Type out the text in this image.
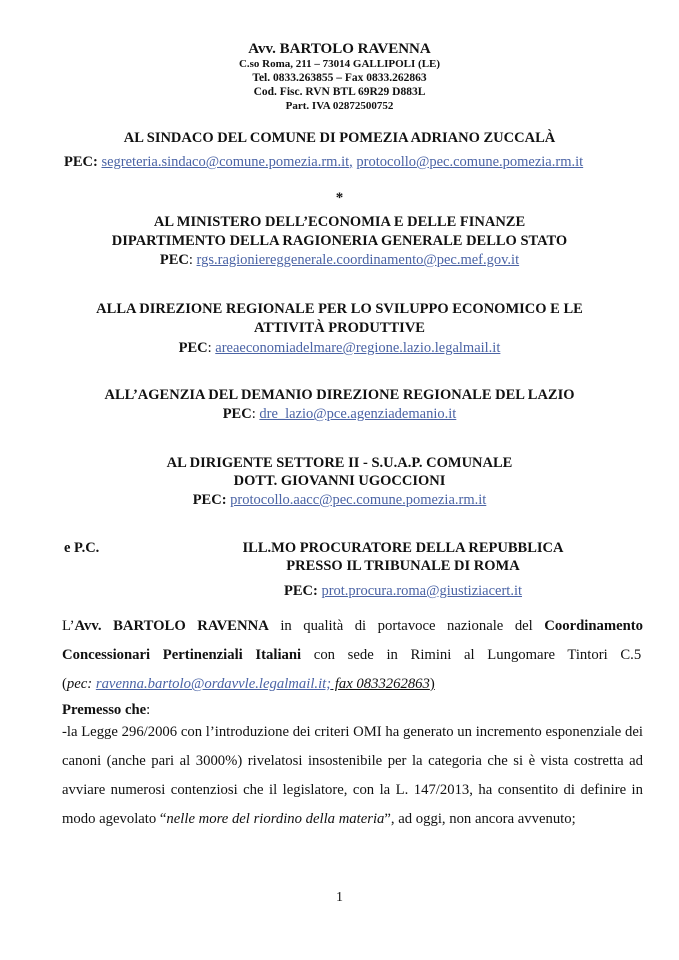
Avv. BARTOLO RAVENNA
C.so Roma, 211 – 73014 GALLIPOLI (LE)
Tel. 0833.263855 – Fax 0833.262863
Cod. Fisc. RVN BTL 69R29 D883L
Part. IVA 02872500752
AL SINDACO DEL COMUNE DI POMEZIA ADRIANO ZUCCALÀ
PEC: segreteria.sindaco@comune.pomezia.rm.it, protocollo@pec.comune.pomezia.rm.it
*
AL MINISTERO DELL’ECONOMIA E DELLE FINANZE
DIPARTIMENTO DELLA RAGIONERIA GENERALE DELLO STATO
PEC: rgs.ragioniereggenerale.coordinamento@pec.mef.gov.it
ALLA DIREZIONE REGIONALE PER LO SVILUPPO ECONOMICO E LE
ATTIVITÀ PRODUTTIVE
PEC: areaeconomiadelmare@regione.lazio.legalmail.it
ALL’AGENZIA DEL DEMANIO DIREZIONE REGIONALE DEL LAZIO
PEC: dre_lazio@pce.agenziademanio.it
AL DIRIGENTE SETTORE II - S.U.A.P. COMUNALE
DOTT. GIOVANNI UGOCCIONI
PEC: protocollo.aacc@pec.comune.pomezia.rm.it
e P.C.	ILL.MO PROCURATORE DELLA REPUBBLICA
PRESSO IL TRIBUNALE DI ROMA
PEC: prot.procura.roma@giustiziacert.it
L’Avv. BARTOLO RAVENNA in qualità di portavoce nazionale del Coordinamento
Concessionari Pertinenziali Italiani con sede in Rimini al Lungomare Tintori C.5
(pec: ravenna.bartolo@ordavvle.legalmail.it; fax 0833262863)
Premesso che:
-la Legge 296/2006 con l’introduzione dei criteri OMI ha generato un incremento esponenziale dei canoni (anche pari al 3000%) rivelatosi insostenibile per la categoria che si è vista costretta ad avviare numerosi contenziosi che il legislatore, con la L. 147/2013, ha consentito di definire in modo agevolato “nelle more del riordino della materia”, ad oggi, non ancora avvenuto;
1
